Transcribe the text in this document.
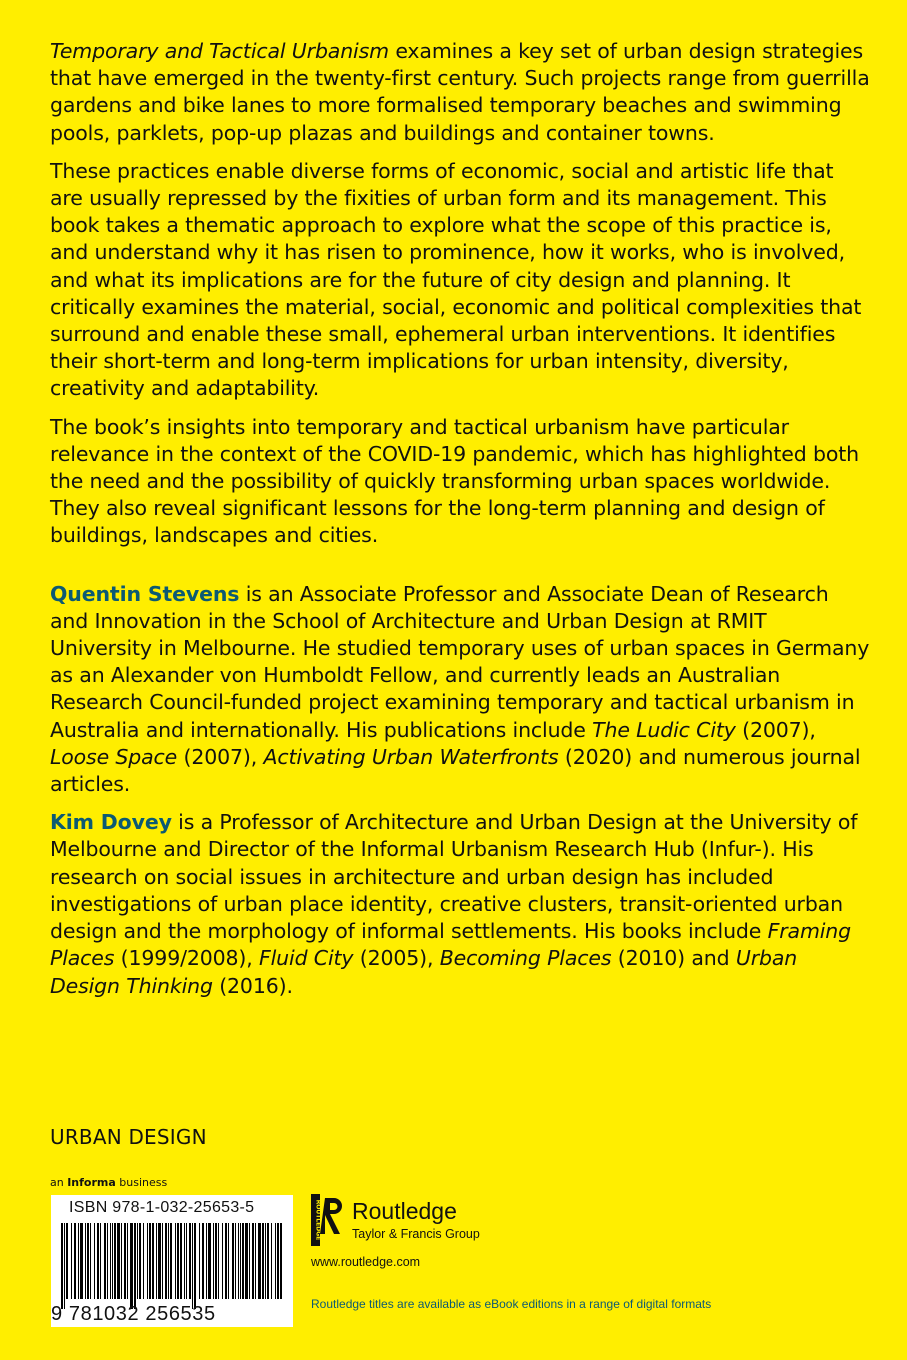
Temporary and Tactical Urbanism examines a key set of urban design strategies that have emerged in the twenty-first century. Such projects range from guerrilla gardens and bike lanes to more formalised temporary beaches and swimming pools, parklets, pop-up plazas and buildings and container towns.

These practices enable diverse forms of economic, social and artistic life that are usually repressed by the fixities of urban form and its management. This book takes a thematic approach to explore what the scope of this practice is, and understand why it has risen to prominence, how it works, who is involved, and what its implications are for the future of city design and planning. It critically examines the material, social, economic and political complexities that surround and enable these small, ephemeral urban interventions. It identifies their short-term and long-term implications for urban intensity, diversity, creativity and adaptability.

The book’s insights into temporary and tactical urbanism have particular relevance in the context of the COVID-19 pandemic, which has highlighted both the need and the possibility of quickly transforming urban spaces worldwide. They also reveal significant lessons for the long-term planning and design of buildings, landscapes and cities.

Quentin Stevens is an Associate Professor and Associate Dean of Research and Innovation in the School of Architecture and Urban Design at RMIT University in Melbourne. He studied temporary uses of urban spaces in Germany as an Alexander von Humboldt Fellow, and currently leads an Australian Research Council-funded project examining temporary and tactical urbanism in Australia and internationally. His publications include The Ludic City (2007), Loose Space (2007), Activating Urban Waterfronts (2020) and numerous journal articles.

Kim Dovey is a Professor of Architecture and Urban Design at the University of Melbourne and Director of the Informal Urbanism Research Hub (Infur-). His research on social issues in architecture and urban design has included investigations of urban place identity, creative clusters, transit-oriented urban design and the morphology of informal settlements. His books include Framing Places (1999/2008), Fluid City (2005), Becoming Places (2010) and Urban Design Thinking (2016).

URBAN DESIGN
an Informa business
ISBN 978-1-032-25653-5
9 781032 256535
ROUTLEDGE Routledge
Taylor & Francis Group
www.routledge.com
Routledge titles are available as eBook editions in a range of digital formats
